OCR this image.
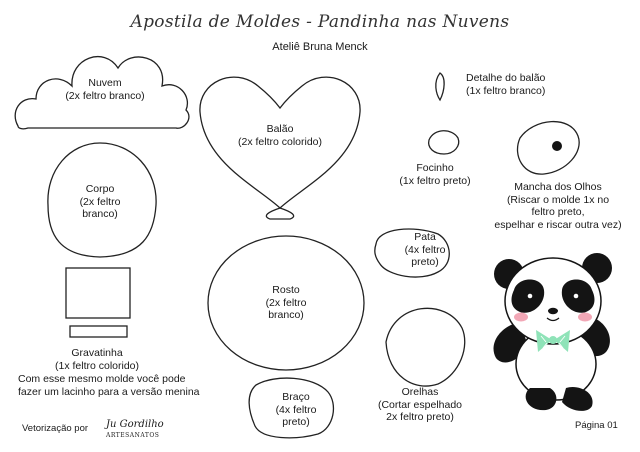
Apostila de Moldes - Pandinha nas Nuvens
Ateliê Bruna Menck
Nuvem
(2x feltro branco)
Balão
(2x feltro colorido)
Detalhe do balão
(1x feltro branco)
Corpo
(2x feltro
branco)
Focinho
(1x feltro preto)
Mancha dos Olhos
(Riscar o molde 1x no
feltro preto,
espelhar e riscar outra vez)
Pata
(4x feltro
preto)
Rosto
(2x feltro
branco)
Gravatinha
(1x feltro colorido)
Com esse mesmo molde você pode
fazer um lacinho para a versão menina	Orelhas
(Cortar espelhado
2x feltro preto)
Braço
(4x feltro
preto)
Vetorização por Ju Gordilho
ARTESANATOS
Página 01
